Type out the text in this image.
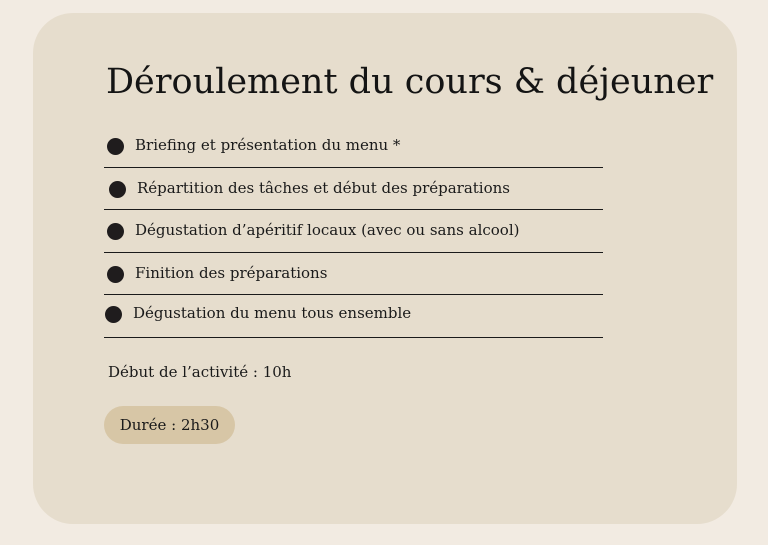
Déroulement du cours & déjeuner
Briefing et présentation du menu *
Répartition des tâches et début des préparations
Dégustation d’apéritif locaux (avec ou sans alcool)
Finition des préparations
Dégustation du menu tous ensemble

Début de l’activité : 10h

Durée : 2h30
